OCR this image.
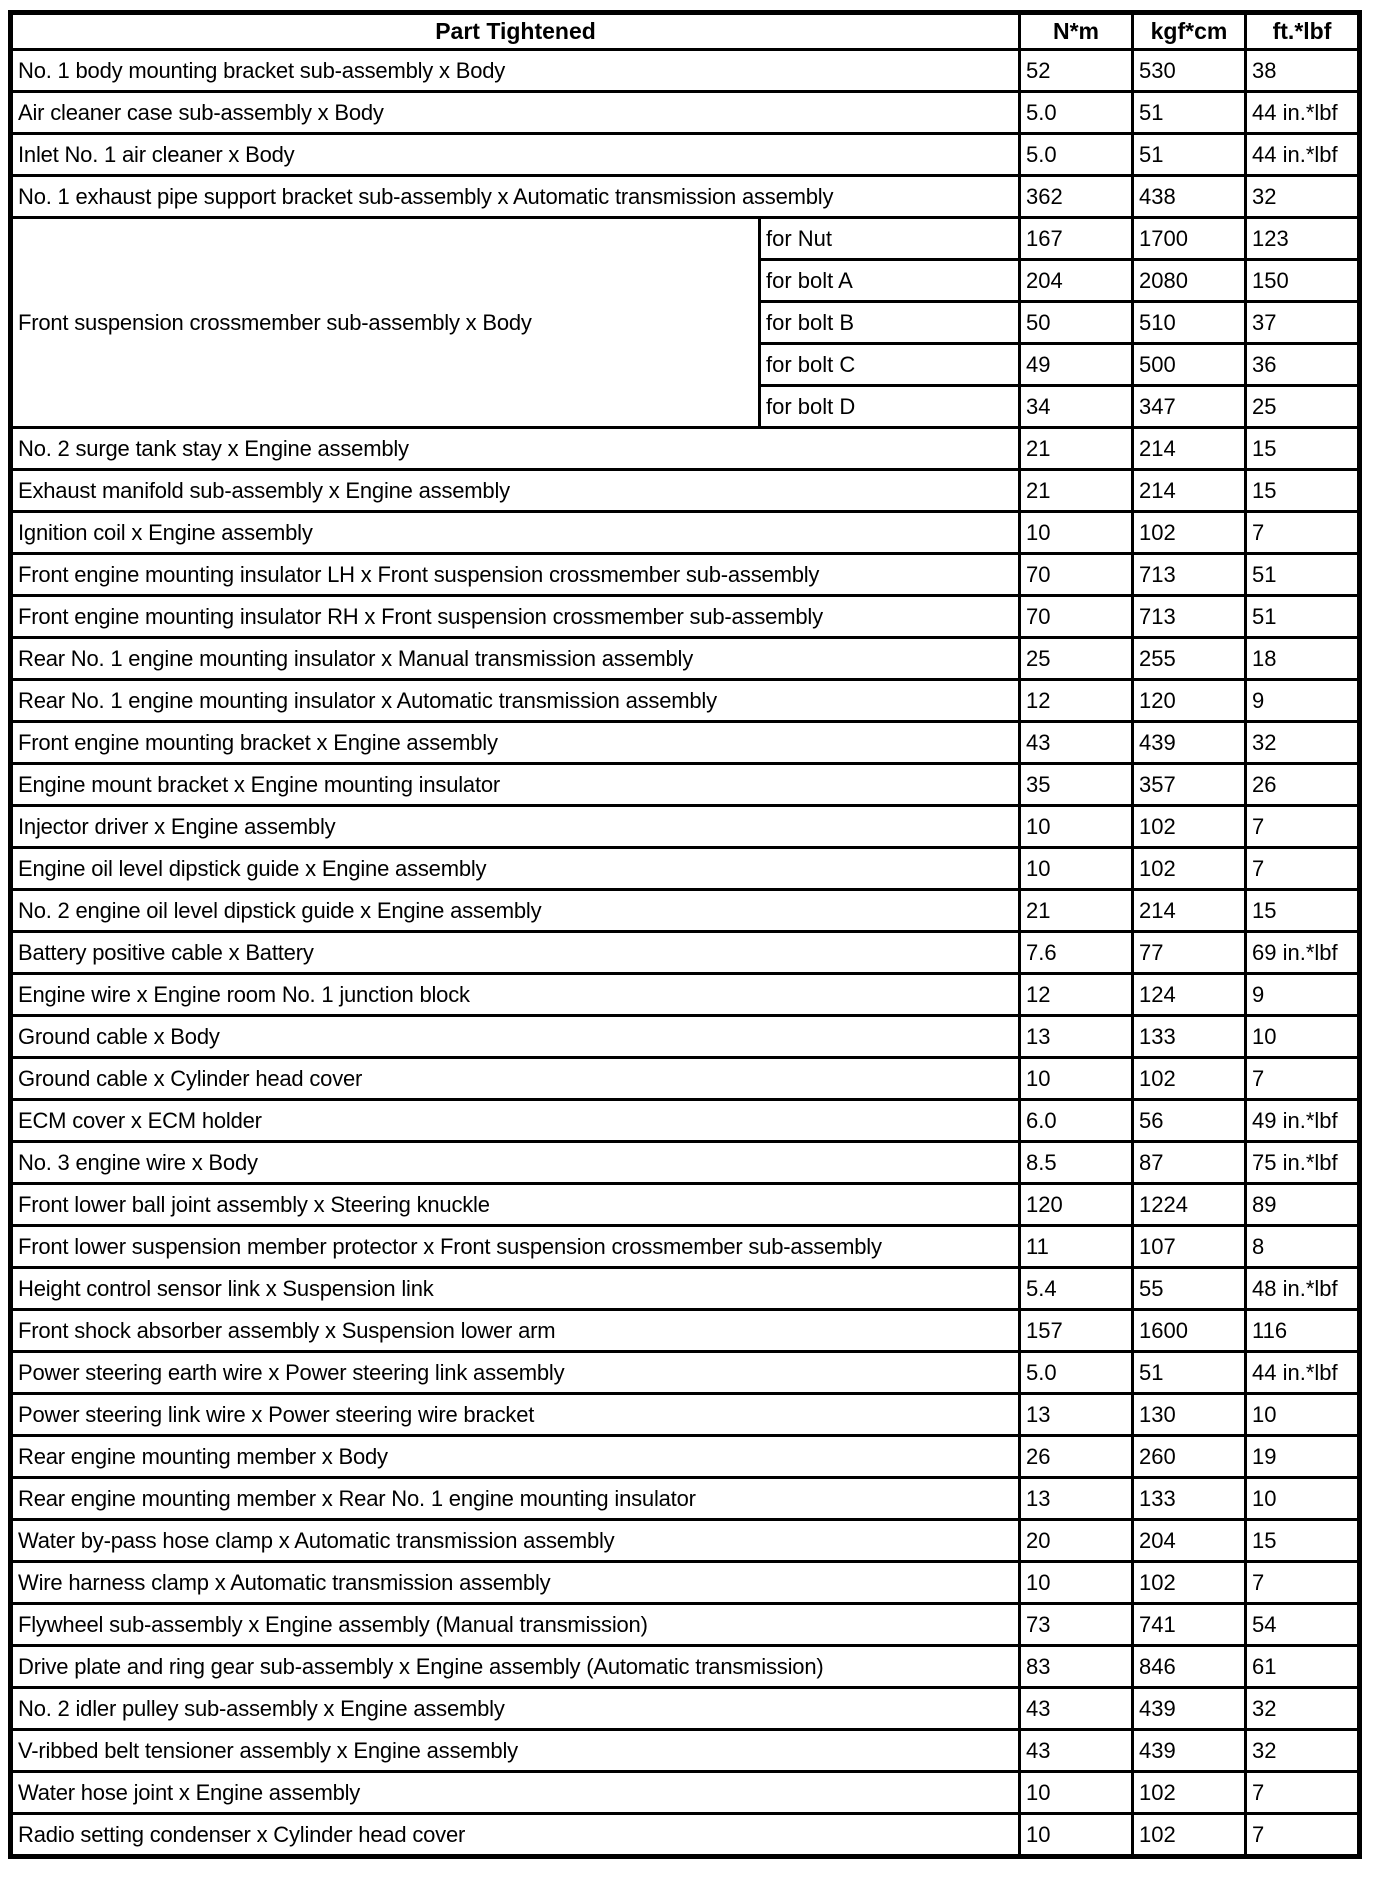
Part Tightened		N*m	kgf*cm	ft.*lbf
No. 1 body mounting bracket sub-assembly x Body		52	530	38
Air cleaner case sub-assembly x Body		5.0	51	44 in.*lbf
Inlet No. 1 air cleaner x Body		5.0	51	44 in.*lbf
No. 1 exhaust pipe support bracket sub-assembly x Automatic transmission assembly		362	438	32
Front suspension crossmember sub-assembly x Body	for Nut	167	1700	123
	for bolt A	204	2080	150
	for bolt B	50	510	37
	for bolt C	49	500	36
	for bolt D	34	347	25
No. 2 surge tank stay x Engine assembly		21	214	15
Exhaust manifold sub-assembly x Engine assembly		21	214	15
Ignition coil x Engine assembly		10	102	7
Front engine mounting insulator LH x Front suspension crossmember sub-assembly		70	713	51
Front engine mounting insulator RH x Front suspension crossmember sub-assembly		70	713	51
Rear No. 1 engine mounting insulator x Manual transmission assembly		25	255	18
Rear No. 1 engine mounting insulator x Automatic transmission assembly		12	120	9
Front engine mounting bracket x Engine assembly		43	439	32
Engine mount bracket x Engine mounting insulator		35	357	26
Injector driver x Engine assembly		10	102	7
Engine oil level dipstick guide x Engine assembly		10	102	7
No. 2 engine oil level dipstick guide x Engine assembly		21	214	15
Battery positive cable x Battery		7.6	77	69 in.*lbf
Engine wire x Engine room No. 1 junction block		12	124	9
Ground cable x Body		13	133	10
Ground cable x Cylinder head cover		10	102	7
ECM cover x ECM holder		6.0	56	49 in.*lbf
No. 3 engine wire x Body		8.5	87	75 in.*lbf
Front lower ball joint assembly x Steering knuckle		120	1224	89
Front lower suspension member protector x Front suspension crossmember sub-assembly		11	107	8
Height control sensor link x Suspension link		5.4	55	48 in.*lbf
Front shock absorber assembly x Suspension lower arm		157	1600	116
Power steering earth wire x Power steering link assembly		5.0	51	44 in.*lbf
Power steering link wire x Power steering wire bracket		13	130	10
Rear engine mounting member x Body		26	260	19
Rear engine mounting member x Rear No. 1 engine mounting insulator		13	133	10
Water by-pass hose clamp x Automatic transmission assembly		20	204	15
Wire harness clamp x Automatic transmission assembly		10	102	7
Flywheel sub-assembly x Engine assembly (Manual transmission)		73	741	54
Drive plate and ring gear sub-assembly x Engine assembly (Automatic transmission)		83	846	61
No. 2 idler pulley sub-assembly x Engine assembly		43	439	32
V-ribbed belt tensioner assembly x Engine assembly		43	439	32
Water hose joint x Engine assembly		10	102	7
Radio setting condenser x Cylinder head cover		10	102	7
